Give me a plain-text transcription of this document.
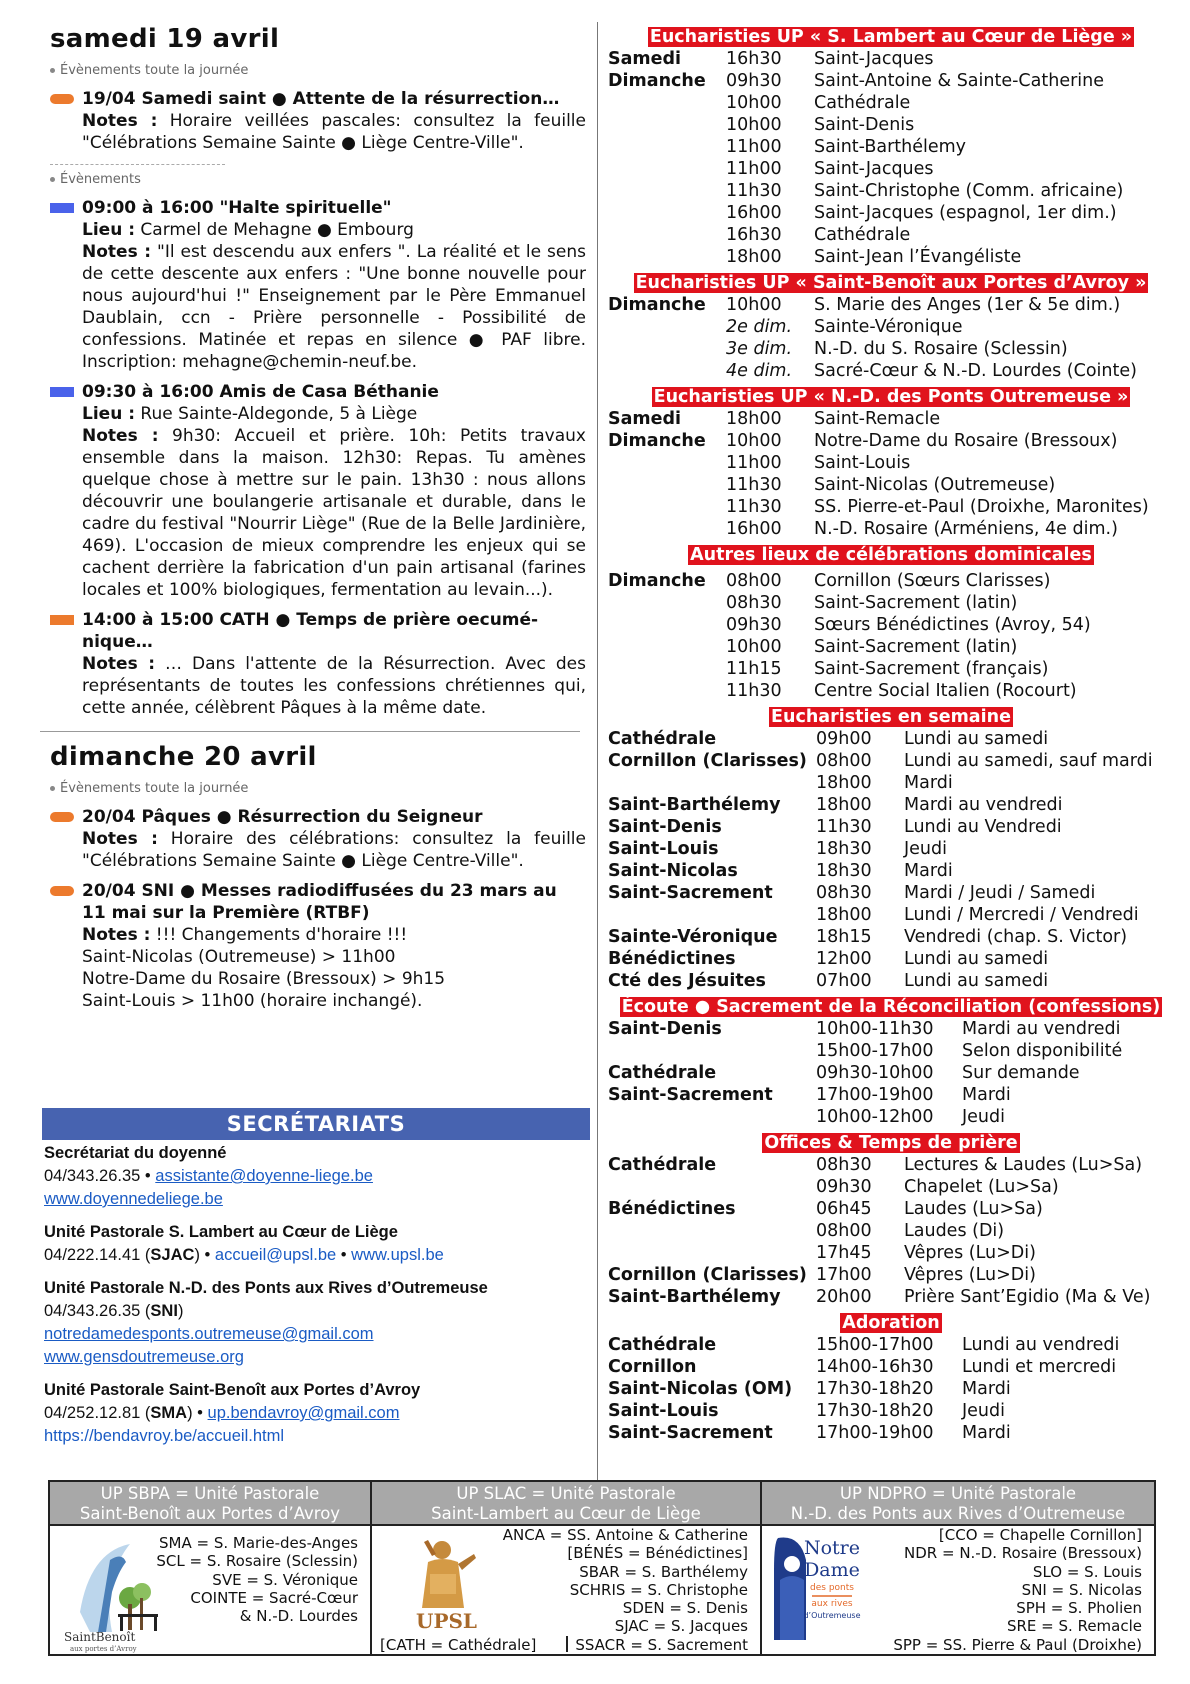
samedi 19 avril
Évènements toute la journée
19/04 Samedi saint ● Attente de la résurrection…
Notes : Horaire veillées pascales: consultez la feuille "Célébrations Semaine Sainte ● Liège Centre-Ville".
Évènements
09:00 à 16:00 "Halte spirituelle"
Lieu : Carmel de Mehagne ● Embourg
Notes : "Il est descendu aux enfers ". La réalité et le sens de cette descente aux enfers : "Une bonne nouvelle pour nous aujourd'hui !" Enseignement par le Père Emmanuel Daublain, ccn - Prière personnelle - Possibilité de confessions. Matinée et repas en silence ● PAF libre. Inscription: mehagne@chemin-neuf.be.
09:30 à 16:00 Amis de Casa Béthanie
Lieu : Rue Sainte-Aldegonde, 5 à Liège
Notes : 9h30: Accueil et prière. 10h: Petits travaux ensemble dans la maison. 12h30: Repas. Tu amènes quelque chose à mettre sur le pain. 13h30 : nous allons découvrir une boulangerie artisanale et durable, dans le cadre du festival "Nourrir Liège" (Rue de la Belle Jardinière, 469). L'occasion de mieux comprendre les enjeux qui se cachent derrière la fabrication d'un pain artisanal (farines locales et 100% biologiques, fermentation au levain...).
14:00 à 15:00 CATH ● Temps de prière oecumé-nique…
Notes : … Dans l'attente de la Résurrection. Avec des représentants de toutes les confessions chrétiennes qui, cette année, célèbrent Pâques à la même date.
dimanche 20 avril
Évènements toute la journée
20/04 Pâques ● Résurrection du Seigneur
Notes : Horaire des célébrations: consultez la feuille "Célébrations Semaine Sainte ● Liège Centre-Ville".
20/04 SNI ● Messes radiodiffusées du 23 mars au 11 mai sur la Première (RTBF)
Notes : !!! Changements d'horaire !!!
Saint-Nicolas (Outremeuse) > 11h00
Notre-Dame du Rosaire (Bressoux) > 9h15
Saint-Louis > 11h00 (horaire inchangé).
SECRÉTARIATS
Secrétariat du doyenné
04/343.26.35 • assistante@doyenne-liege.be
www.doyennedeliege.be
Unité Pastorale S. Lambert au Cœur de Liège
04/222.14.41 (SJAC) • accueil@upsl.be • www.upsl.be
Unité Pastorale N.-D. des Ponts aux Rives d’Outremeuse
04/343.26.35 (SNI)
notredamedesponts.outremeuse@gmail.com
www.gensdoutremeuse.org
Unité Pastorale Saint-Benoît aux Portes d’Avroy
04/252.12.81 (SMA) • up.bendavroy@gmail.com
https://bendavroy.be/accueil.html
Eucharisties UP « S. Lambert au Cœur de Liège »
Samedi	16h30	Saint-Jacques
Dimanche	09h30	Saint-Antoine & Sainte-Catherine
10h00	Cathédrale
10h00	Saint-Denis
11h00	Saint-Barthélemy
11h00	Saint-Jacques
11h30	Saint-Christophe (Comm. africaine)
16h00	Saint-Jacques (espagnol, 1er dim.)
16h30	Cathédrale
18h00	Saint-Jean l’Évangéliste
Eucharisties UP « Saint-Benoît aux Portes d’Avroy »
Dimanche	10h00	S. Marie des Anges (1er & 5e dim.)
2e dim.	Sainte-Véronique
3e dim.	N.-D. du S. Rosaire (Sclessin)
4e dim.	Sacré-Cœur & N.-D. Lourdes (Cointe)
Eucharisties UP « N.-D. des Ponts Outremeuse »
Samedi	18h00	Saint-Remacle
Dimanche	10h00	Notre-Dame du Rosaire (Bressoux)
11h00	Saint-Louis
11h30	Saint-Nicolas (Outremeuse)
11h30	SS. Pierre-et-Paul (Droixhe, Maronites)
16h00	N.-D. Rosaire (Arméniens, 4e dim.)
Autres lieux de célébrations dominicales
Dimanche	08h00	Cornillon (Sœurs Clarisses)
08h30	Saint-Sacrement (latin)
09h30	Sœurs Bénédictines (Avroy, 54)
10h00	Saint-Sacrement (latin)
11h15	Saint-Sacrement (français)
11h30	Centre Social Italien (Rocourt)
Eucharisties en semaine
Cathédrale	09h00	Lundi au samedi
Cornillon (Clarisses) 08h00	Lundi au samedi, sauf mardi
18h00	Mardi
Saint-Barthélemy	18h00	Mardi au vendredi
Saint-Denis	11h30	Lundi au Vendredi
Saint-Louis	18h30	Jeudi
Saint-Nicolas	18h30	Mardi
Saint-Sacrement	08h30	Mardi / Jeudi / Samedi
18h00	Lundi / Mercredi / Vendredi
Sainte-Véronique	18h15	Vendredi (chap. S. Victor)
Bénédictines	12h00	Lundi au samedi
Cté des Jésuites	07h00	Lundi au samedi
Écoute ● Sacrement de la Réconciliation (confessions)
Saint-Denis	10h00-11h30	Mardi au vendredi
15h00-17h00	Selon disponibilité
Cathédrale	09h30-10h00	Sur demande
Saint-Sacrement	17h00-19h00	Mardi
10h00-12h00	Jeudi
Offices & Temps de prière
Cathédrale	08h30	Lectures & Laudes (Lu>Sa)
09h30	Chapelet (Lu>Sa)
Bénédictines	06h45	Laudes (Lu>Sa)
08h00	Laudes (Di)
17h45	Vêpres (Lu>Di)
Cornillon (Clarisses) 17h00	Vêpres (Lu>Di)
Saint-Barthélemy	20h00	Prière Sant’Egidio (Ma & Ve)
Adoration
Cathédrale	15h00-17h00	Lundi au vendredi
Cornillon	14h00-16h30	Lundi et mercredi
Saint-Nicolas (OM)	17h30-18h20	Mardi
Saint-Louis	17h30-18h20	Jeudi
Saint-Sacrement	17h00-19h00	Mardi
UP SBPA = Unité Pastorale
Saint-Benoît aux Portes d’Avroy
SaintBenoît
aux portes d’Avroy
SMA = S. Marie-des-Anges
SCL = S. Rosaire (Sclessin)
SVE = S. Véronique
COINTE = Sacré-Cœur
& N.-D. Lourdes
UP SLAC = Unité Pastorale
Saint-Lambert au Cœur de Liège
UPSL
ANCA = SS. Antoine & Catherine
[BÉNÉS = Bénédictines]
SBAR = S. Barthélemy
SCHRIS = S. Christophe
SDEN = S. Denis
SJAC = S. Jacques
SSACR = S. Sacrement
[CATH = Cathédrale]
UP NDPRO = Unité Pastorale
N.-D. des Ponts aux Rives d’Outremeuse
Notre
Dame
des ponts
aux rives
d’Outremeuse
[CCO = Chapelle Cornillon]
NDR = N.-D. Rosaire (Bressoux)
SLO = S. Louis
SNI = S. Nicolas
SPH = S. Pholien
SRE = S. Remacle
SPP = SS. Pierre & Paul (Droixhe)
